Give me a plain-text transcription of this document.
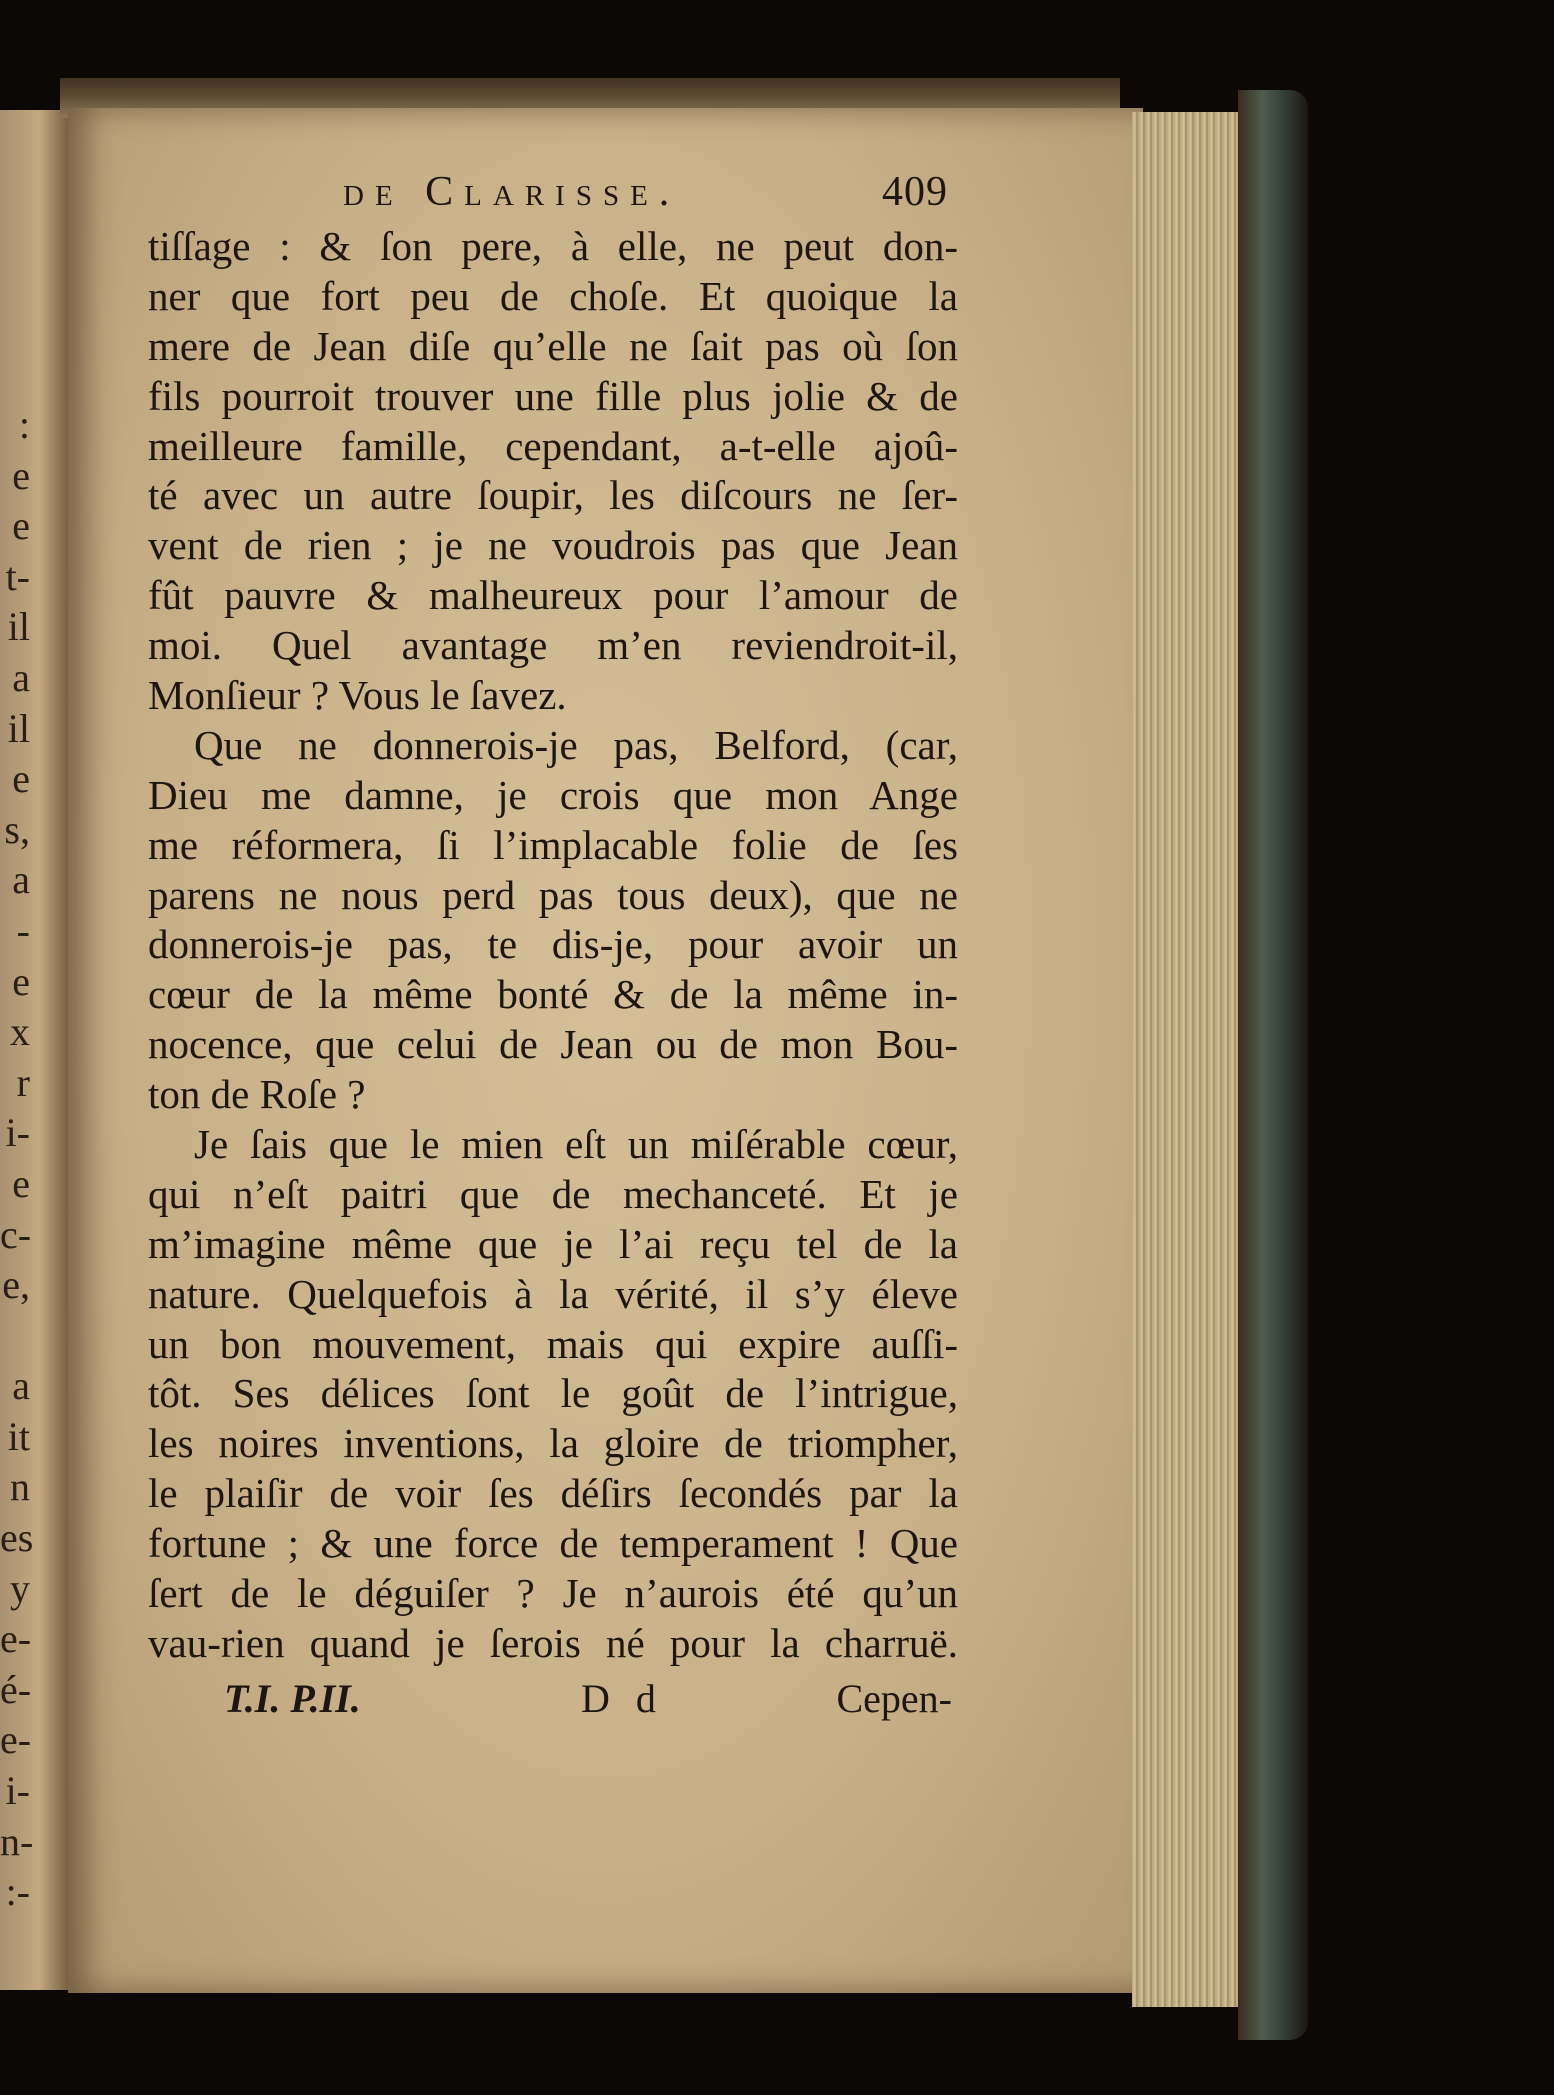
:
e
e
t-
il
a
il
e
s,
a
-
e
x
r
i-
e
c-
e,
a
it
n
es
y
e-
é-
e-
i-
n-
:-
de Clarisse.	409
tiſſage : & ſon pere, à elle, ne peut don-
ner que fort peu de choſe. Et quoique la
mere de Jean diſe qu’elle ne ſait pas où ſon
fils pourroit trouver une fille plus jolie & de
meilleure famille, cependant, a-t-elle ajoû-
té avec un autre ſoupir, les diſcours ne ſer-
vent de rien ; je ne voudrois pas que Jean
fût pauvre & malheureux pour l’amour de
moi. Quel avantage m’en reviendroit-il,
Monſieur ? Vous le ſavez.
Que ne donnerois-je pas, Belford, (car,
Dieu me damne, je crois que mon Ange
me réformera, ſi l’implacable folie de ſes
parens ne nous perd pas tous deux), que ne
donnerois-je pas, te dis-je, pour avoir un
cœur de la même bonté & de la même in-
nocence, que celui de Jean ou de mon Bou-
ton de Roſe ?
Je ſais que le mien eſt un miſérable cœur,
qui n’eſt paitri que de mechanceté. Et je
m’imagine même que je l’ai reçu tel de la
nature. Quelquefois à la vérité, il s’y éleve
un bon mouvement, mais qui expire auſſi-
tôt. Ses délices ſont le goût de l’intrigue,
les noires inventions, la gloire de triompher,
le plaiſir de voir ſes déſirs ſecondés par la
fortune ; & une force de temperament ! Que
ſert de le déguiſer ? Je n’aurois été qu’un
vau-rien quand je ſerois né pour la charruë.
T.I. P.II.	D d	Cepen-
